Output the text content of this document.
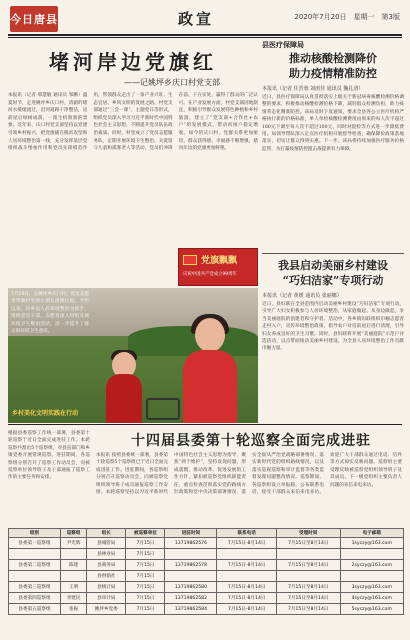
今日唐县	政宣	2020年7月20日　星期一　第3版
堵河岸边党旗红
——记姚坪乡庆口村党支部
本报讯（记者 邢慧敏 通讯员 邹鹏）盛夏时节，走进姚坪乡庆口村，清澈的堵河水缓缓流过，沿河道路干净整洁，房前屋后绿树成荫，一派生机勃勃的景象。近年来，庆口村党支部坚持以党建引领乡村振兴，把党旗插在脱贫攻坚和人居环境整治第一线，充分发挥基层党组织战斗堡垒作用和党员先锋模范作用，带领群众走出了一条产业兴旺、生态宜居、乡风文明的发展之路。村党支部通过“三会一课”、主题党日等形式，组织党员深入学习习近平新时代中国特色社会主义思想，不断提升党员队伍政治素质。同时，村里成立了党员志愿服务队，定期开展环境卫生整治、关爱留守儿童和孤寡老人等活动，党员们冲锋在前、干在实处，赢得了群众的广泛认可。在产业发展方面，村党支部因地制宜，积极引导群众发展特色种植和乡村旅游，建立了“党支部+合作社+农户”的发展模式，带动贫困户稳定增收。如今的庆口村，党群关系更加密切，群众获得感、幸福感不断增强，堵河岸边的党旗更加鲜艳。
党旗飘飘
庆祝中国共产党成立99周年
7月10日，在姚坪乡庆口村，党员志愿者带领村里的小朋友清理垃圾。今年以来，该乡以人居环境整治为抓手，组织党员干部、志愿者深入村组开展环境卫生整治活动，进一步提升了群众的环境卫生意识。
乡村美化文明实践在行动
县医疗保障局
推动核酸检测降价
助力疫情精准防控
本报讯（记者 任晋蓉 刘雨佳 通讯员 魏礼清）
近日，县医疗保障局认真贯彻落实上级关于新冠病毒核酸检测价格调整的要求，积极推动核酸检测价格下降，减轻群众检测负担，助力疫情常态化精准防控。该局及时下发通知，要求全县各公立医疗机构严格执行新的价格标准，单人单检核酸检测费用由原来的每人次不超过180元下调至每人次不超过100元，同时对混检等方式进一步降低费用。局领导带队深入定点医疗机构开展督导检查，确保降价政策落地落实，切实让群众得到实惠。下一步，该局将持续加强医疗服务价格监管，为打赢疫情防控阻击战提供有力保障。
我县启动美丽乡村建设
“巧妇洁家”专项行动
本报讯（记者 黄媛 通讯员 张丽娜）
近日，县妇联在全县范围内启动美丽乡村建设“巧妇洁家”专项行动，引导广大妇女积极参与人居环境整治，从家庭做起、从身边做起，争当美丽庭院的创建者和守护者。活动中，各乡镇妇联组织巾帼志愿者走村入户，宣传环境整治政策，指导农户对房前屋后进行清理，引导妇女养成良好的卫生习惯。同时，县妇联将开展“美丽庭院”示范户评选活动，以点带面推动美丽乡村建设，为全县人居环境整治工作贡献巾帼力量。
根据县委巡察工作统一部署，县委第十轮巡察于近日全面完成进驻工作。本轮巡察共派出5个巡察组，对县直部门和乡镇党委开展常规巡察。进驻期间，各巡察组分别召开了巡察工作动员会，向被巡察单位领导班子及干部通报了巡察工作的主要任务和安排。
十四届县委第十轮巡察全面完成进驻
本报讯 按照县委统一部署，县委第十轮巡察5个巡察组已于近日全面完成进驻工作。进驻期间，各巡察组分别召开巡察动员会，向被巡察党组织领导班子成员通报巡察工作安排。本轮巡察坚持以习近平新时代中国特色社会主义思想为指导，聚焦“两个维护”，坚持发现问题、形成震慑，推动改革、促进发展的工作方针，紧扣被巡察党组织职能责任，重点检查贯彻落实党的路线方针政策和党中央决策部署情况、落实全面从严治党战略部署情况、落实新时代党的组织路线情况，以及落实巡视巡察和审计监督等各类监督发现问题整改情况。巡察期间，各巡察组设立举报箱，公布联系电话，接受干部群众来信来电来访。欢迎广大干部群众通过电话、信件等方式如实反映问题。巡察组主要受理反映被巡察党组织领导班子及其成员、下一级党组织主要负责人问题的来信来电来访。
组别	巡察组	组长	被巡察单位	进驻时间	联系电话	受理时间	电子邮箱
县委第一巡察组	尹光辉	县城管局	7月15日	13719862576	7月15日-8月14日	7月15日至8月14日	1syczy@163.com
		县林业局	7月15日				
县委第二巡察组	陈建	县商务局	7月15日	13719862578	7月15日-8月14日	7月15日至8月14日	2syczy@163.com
		县供销社	7月15日				
县委第三巡察组	王明	县统计局	7月15日	13719862580	7月15日-8月14日	7月15日至8月14日	3syczy@163.com
县委第四巡察组	李建民	县审计局	7月15日	13719862582	7月15日-8月14日	7月15日至8月14日	4syczy@163.com
县委第五巡察组	张振	姚坪乡党委	7月15日	13719862584	7月15日-8月14日	7月15日至8月14日	5syczy@163.com
